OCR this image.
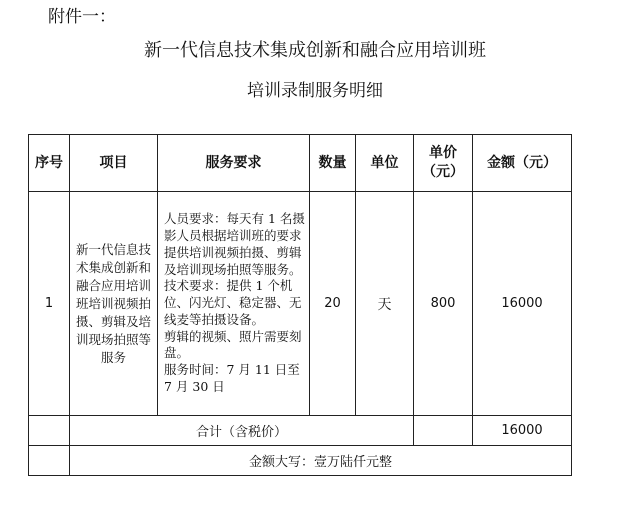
附件一：
新一代信息技术集成创新和融合应用培训班
培训录制服务明细
序号	项目	服务要求	数量	单位	单价（元）	金额（元）
1	新一代信息技术集成创新和融合应用培训班培训视频拍摄、剪辑及培训现场拍照等服务	人员要求：每天有 1 名摄影人员根据培训班的要求提供培训视频拍摄、剪辑及培训现场拍照等服务。

技术要求：提供 1 个机位、闪光灯、稳定器、无线麦等拍摄设备。

剪辑的视频、照片需要刻盘。

服务时间：7 月 11 日至 7 月 30 日	20	天	800	16000
	合计（含税价）					16000
	金额大写：壹万陆仟元整					
